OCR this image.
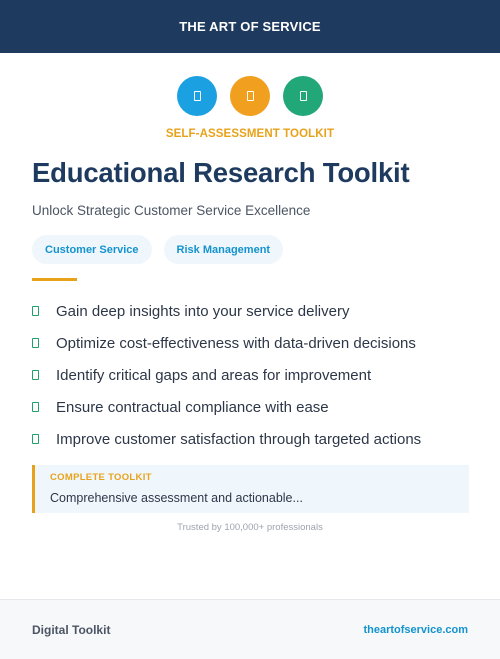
THE ART OF SERVICE
SELF-ASSESSMENT TOOLKIT
Educational Research Toolkit
Unlock Strategic Customer Service Excellence
Customer Service	Risk Management
Gain deep insights into your service delivery
Optimize cost-effectiveness with data-driven decisions
Identify critical gaps and areas for improvement
Ensure contractual compliance with ease
Improve customer satisfaction through targeted actions
COMPLETE TOOLKIT
Comprehensive assessment and actionable...
Trusted by 100,000+ professionals
Digital Toolkit	theartofservice.com
